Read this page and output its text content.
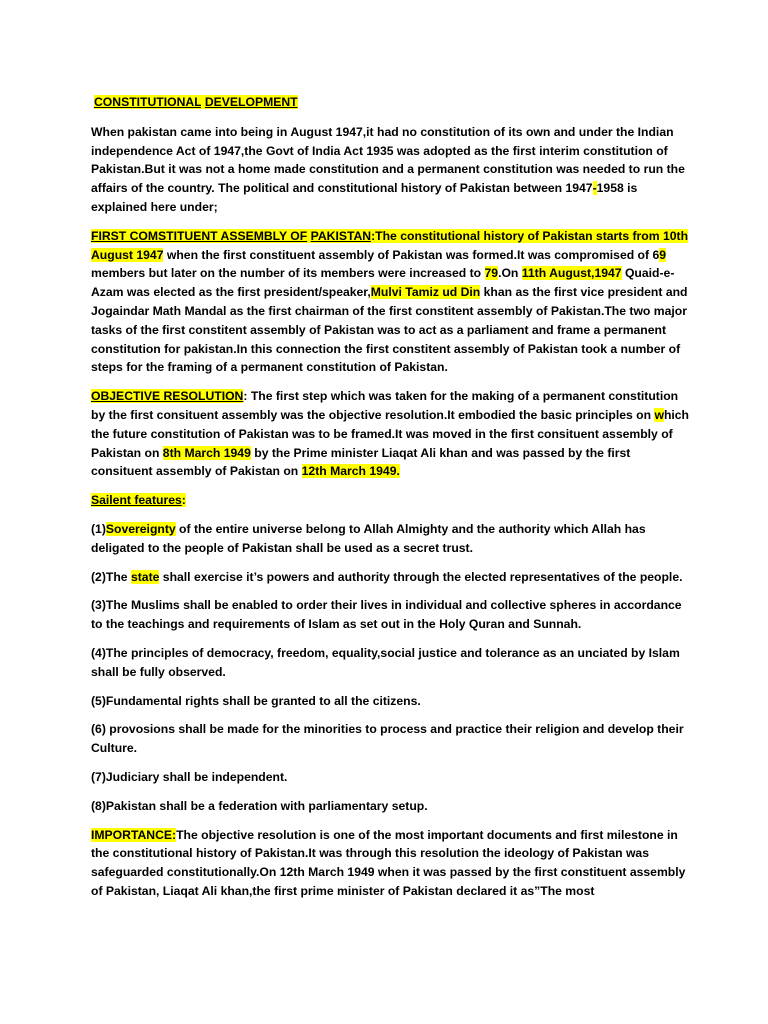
CONSTITUTIONAL DEVELOPMENT

When pakistan came into being in August 1947,it had no constitution of its own and under the Indian independence Act of 1947,the Govt of India Act 1935 was adopted as the first interim constitution of Pakistan.But it was not a home made constitution and a permanent constitution was needed to run the affairs of the country. The political and constitutional history of Pakistan between 1947-1958 is explained here under;

FIRST COMSTITUENT ASSEMBLY OF PAKISTAN:The constitutional history of Pakistan starts from 10th August 1947 when the first constituent assembly of Pakistan was formed.It was compromised of 69 members but later on the number of its members were increased to 79.On 11th August,1947 Quaid-e-Azam was elected as the first president/speaker,Mulvi Tamiz ud Din khan as the first vice president and Jogaindar Math Mandal as the first chairman of the first constitent assembly of Pakistan.The two major tasks of the first constitent assembly of Pakistan was to act as a parliament and frame a permanent constitution for pakistan.In this connection the first constitent assembly of Pakistan took a number of steps for the framing of a permanent constitution of Pakistan.

OBJECTIVE RESOLUTION: The first step which was taken for the making of a permanent constitution by the first consituent assembly was the objective resolution.It embodied the basic principles on which the future constitution of Pakistan was to be framed.It was moved in the first consituent assembly of Pakistan on 8th March 1949 by the Prime minister Liaqat Ali khan and was passed by the first consituent assembly of Pakistan on 12th March 1949.

Sailent features:

(1)Sovereignty of the entire universe belong to Allah Almighty and the authority which Allah has deligated to the people of Pakistan shall be used as a secret trust.

(2)The state shall exercise it’s powers and authority through the elected representatives of the people.

(3)The Muslims shall be enabled to order their lives in individual and collective spheres in accordance to the teachings and requirements of Islam as set out in the Holy Quran and Sunnah.

(4)The principles of democracy, freedom, equality,social justice and tolerance as an unciated by Islam shall be fully observed.

(5)Fundamental rights shall be granted to all the citizens.

(6) provosions shall be made for the minorities to process and practice their religion and develop their Culture.

(7)Judiciary shall be independent.

(8)Pakistan shall be a federation with parliamentary setup.

IMPORTANCE:The objective resolution is one of the most important documents and first milestone in the constitutional history of Pakistan.It was through this resolution the ideology of Pakistan was safeguarded constitutionally.On 12th March 1949 when it was passed by the first constituent assembly of Pakistan, Liaqat Ali khan,the first prime minister of Pakistan declared it as”The most
